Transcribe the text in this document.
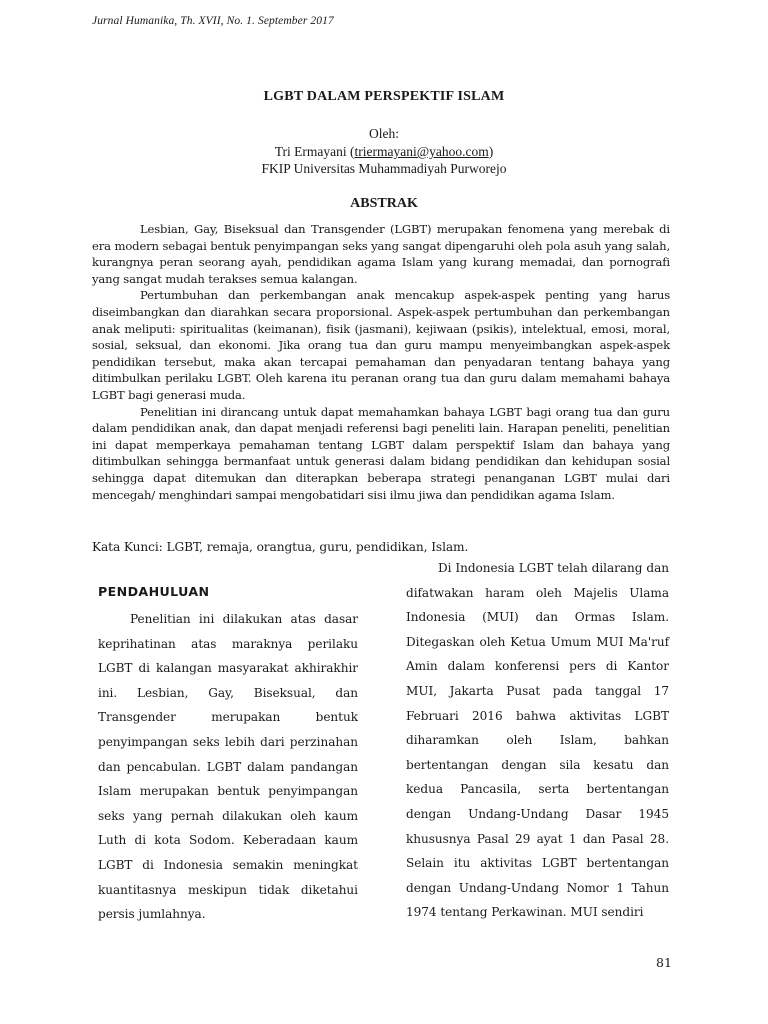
Jurnal Humanika, Th. XVII, No. 1. September 2017
LGBT DALAM PERSPEKTIF ISLAM
Oleh:
Tri Ermayani (triermayani@yahoo.com)
FKIP Universitas Muhammadiyah Purworejo
ABSTRAK

Lesbian, Gay, Biseksual dan Transgender (LGBT) merupakan fenomena yang merebak di era modern sebagai bentuk penyimpangan seks yang sangat dipengaruhi oleh pola asuh yang salah, kurangnya peran seorang ayah, pendidikan agama Islam yang kurang memadai, dan pornografi yang sangat mudah terakses semua kalangan.

Pertumbuhan dan perkembangan anak mencakup aspek-aspek penting yang harus diseimbangkan dan diarahkan secara proporsional. Aspek-aspek pertumbuhan dan perkembangan anak meliputi: spiritualitas (keimanan), fisik (jasmani), kejiwaan (psikis), intelektual, emosi, moral, sosial, seksual, dan ekonomi. Jika orang tua dan guru mampu menyeimbangkan aspek-aspek pendidikan tersebut, maka akan tercapai pemahaman dan penyadaran tentang bahaya yang ditimbulkan perilaku LGBT. Oleh karena itu peranan orang tua dan guru dalam memahami bahaya LGBT bagi generasi muda.

Penelitian ini dirancang untuk dapat memahamkan bahaya LGBT bagi orang tua dan guru dalam pendidikan anak, dan dapat menjadi referensi bagi peneliti lain. Harapan peneliti, penelitian ini dapat memperkaya pemahaman tentang LGBT dalam perspektif Islam dan bahaya yang ditimbulkan sehingga bermanfaat untuk generasi dalam bidang pendidikan dan kehidupan sosial sehingga dapat ditemukan dan diterapkan beberapa strategi penanganan LGBT mulai dari mencegah/ menghindari sampai mengobatidari sisi ilmu jiwa dan pendidikan agama Islam.

Kata Kunci: LGBT, remaja, orangtua, guru, pendidikan, Islam.
PENDAHULUAN
Penelitian ini dilakukan atas dasar keprihatinan atas maraknya perilaku LGBT di kalangan masyarakat akhirakhir ini. Lesbian, Gay, Biseksual, dan Transgender merupakan bentuk penyimpangan seks lebih dari perzinahan dan pencabulan. LGBT dalam pandangan Islam merupakan bentuk penyimpangan seks yang pernah dilakukan oleh kaum Luth di kota Sodom. Keberadaan kaum LGBT di Indonesia semakin meningkat kuantitasnya meskipun tidak diketahui persis jumlahnya.

Di Indonesia LGBT telah dilarang dan difatwakan haram oleh Majelis Ulama Indonesia (MUI) dan Ormas Islam. Ditegaskan oleh Ketua Umum MUI Ma'ruf Amin dalam konferensi pers di Kantor MUI, Jakarta Pusat pada tanggal 17 Februari 2016 bahwa aktivitas LGBT diharamkan oleh Islam, bahkan bertentangan dengan sila kesatu dan kedua Pancasila, serta bertentangan dengan Undang-Undang Dasar 1945 khususnya Pasal 29 ayat 1 dan Pasal 28. Selain itu aktivitas LGBT bertentangan dengan Undang-Undang Nomor 1 Tahun 1974 tentang Perkawinan. MUI sendiri

81
